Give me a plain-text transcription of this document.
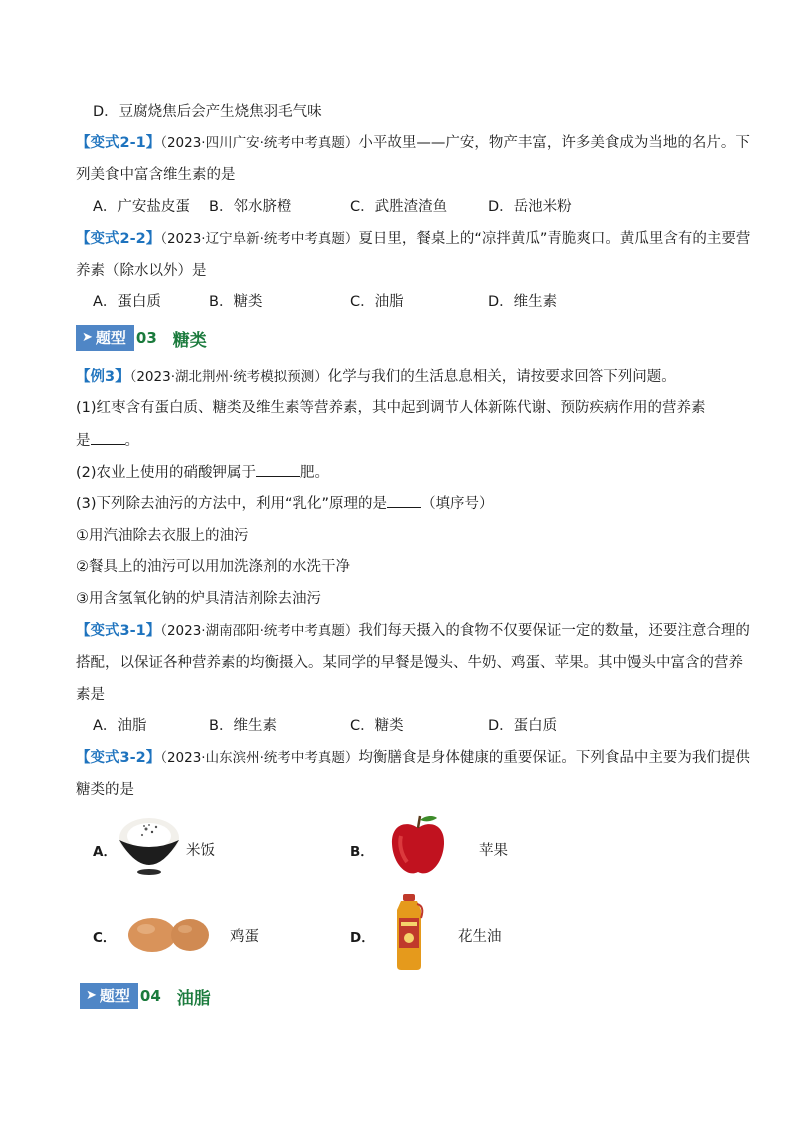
D．豆腐烧焦后会产生烧焦羽毛气味
【变式2-1】（2023·四川广安·统考中考真题）小平故里——广安，物产丰富，许多美食成为当地的名片。下
列美食中富含维生素的是
A．广安盐皮蛋 B．邻水脐橙	C．武胜渣渣鱼	D．岳池米粉
【变式2-2】（2023·辽宁阜新·统考中考真题）夏日里，餐桌上的“凉拌黄瓜”青脆爽口。黄瓜里含有的主要营
养素（除水以外）是
A．蛋白质	B．糖类	C．油脂	D．维生素
➤ 题型 03 糖类
【例3】（2023·湖北荆州·统考模拟预测）化学与我们的生活息息相关，请按要求回答下列问题。
(1)红枣含有蛋白质、糖类及维生素等营养素，其中起到调节人体新陈代谢、预防疾病作用的营养素
是 。
(2)农业上使用的硝酸钾属于	肥。
(3)下列除去油污的方法中，利用“乳化”原理的是 （填序号）
①用汽油除去衣服上的油污
②餐具上的油污可以用加洗涤剂的水洗干净
③用含氢氧化钠的炉具清洁剂除去油污
【变式3-1】（2023·湖南邵阳·统考中考真题）我们每天摄入的食物不仅要保证一定的数量，还要注意合理的
搭配，以保证各种营养素的均衡摄入。某同学的早餐是馒头、牛奶、鸡蛋、苹果。其中馒头中富含的营养
素是
A．油脂	B．维生素	C．糖类	D．蛋白质
【变式3-2】（2023·山东滨州·统考中考真题）均衡膳食是身体健康的重要保证。下列食品中主要为我们提供
糖类的是
A．	米饭	B．	苹果
C．	鸡蛋	D．	花生油
➤ 题型 04 油脂
